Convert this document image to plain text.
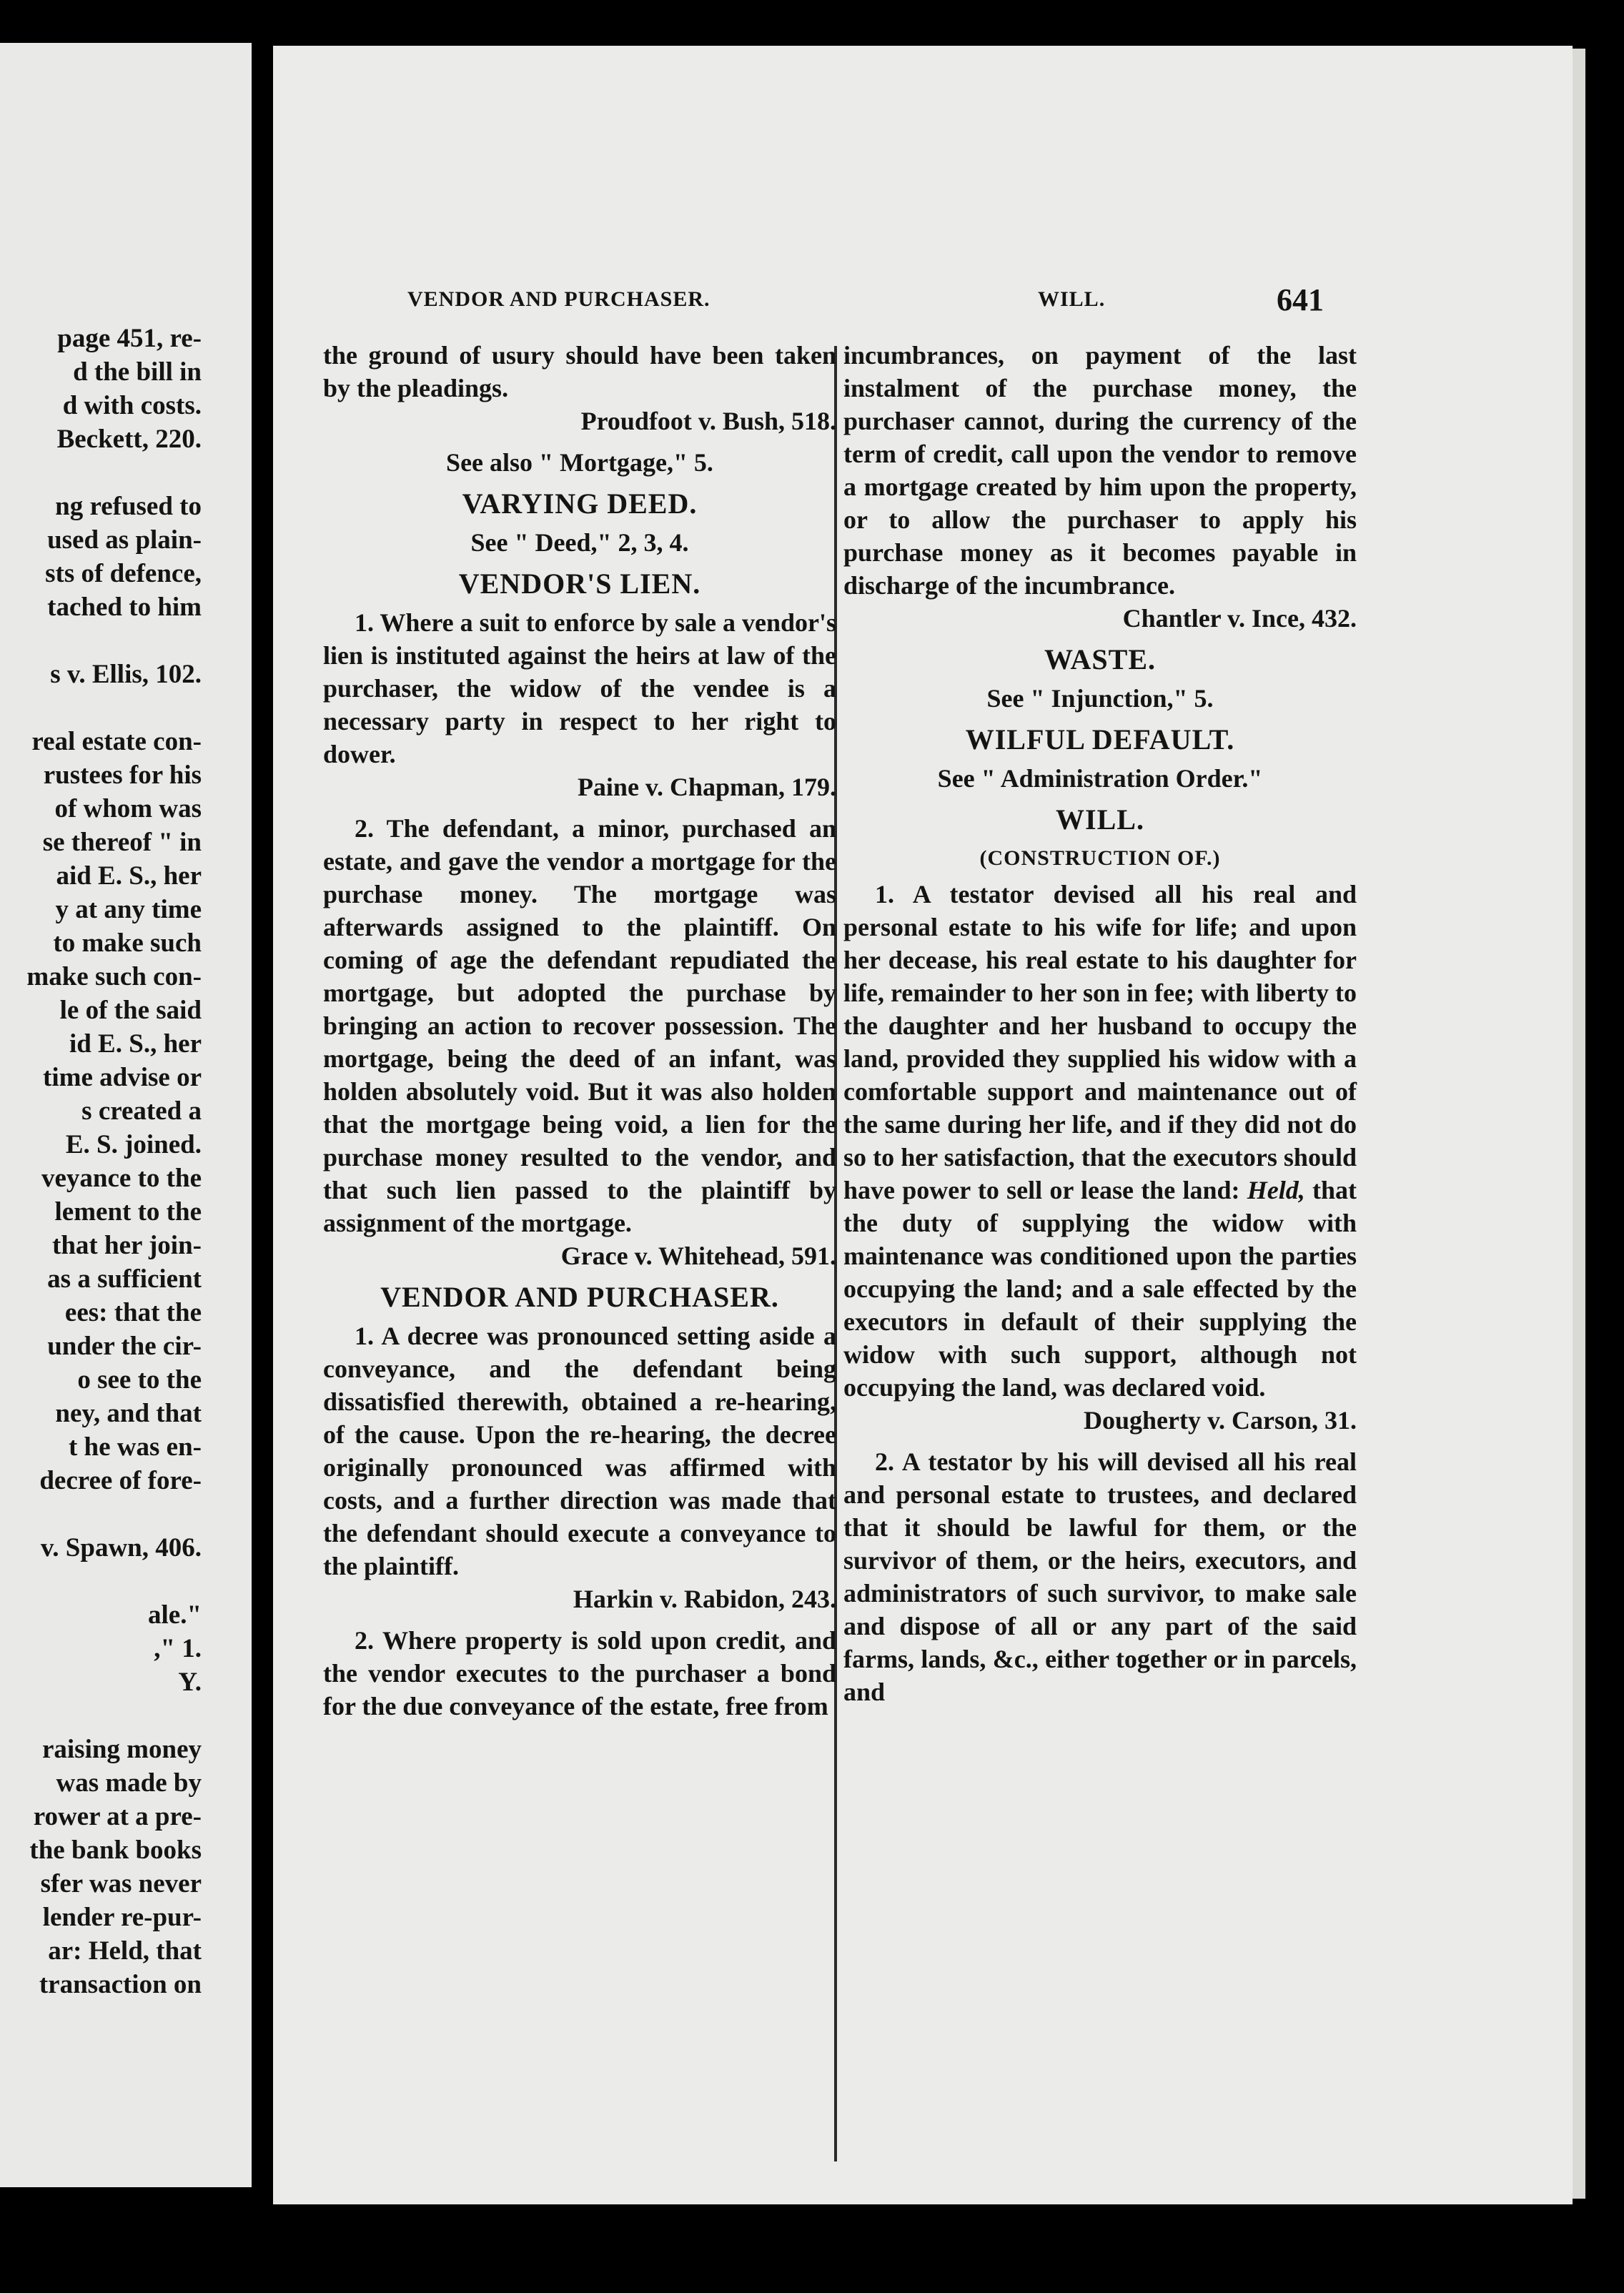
page 451, re-
d the bill in
d with costs.
Beckett, 220.

ng refused to
used as plain-
sts of defence,
tached to him

s v. Ellis, 102.

real estate con-
rustees for his
of whom was
se thereof " in
aid E. S., her
y at any time
to make such
make such con-
le of the said
id E. S., her
time advise or
s created a
E. S. joined.
veyance to the
lement to the
that her join-
as a sufficient
ees: that the
under the cir-
o see to the
ney, and that
t he was en-
decree of fore-

v. Spawn, 406.

ale."
," 1.
Y.

raising money
was made by
rower at a pre-
the bank books
sfer was never
lender re-pur-
ar: Held, that
transaction on
VENDOR AND PURCHASER.	WILL.	641

the ground of usury should have been taken by the pleadings.

Proudfoot v. Bush, 518.

See also " Mortgage," 5.

VARYING DEED.

See " Deed," 2, 3, 4.

VENDOR'S LIEN.

1. Where a suit to enforce by sale a vendor's lien is instituted against the heirs at law of the purchaser, the widow of the vendee is a necessary party in respect to her right to dower.

Paine v. Chapman, 179.

2. The defendant, a minor, purchased an estate, and gave the vendor a mortgage for the purchase money. The mortgage was afterwards assigned to the plaintiff. On coming of age the defendant repudiated the mortgage, but adopted the purchase by bringing an action to recover possession. The mortgage, being the deed of an infant, was holden absolutely void. But it was also holden that the mortgage being void, a lien for the purchase money resulted to the vendor, and that such lien passed to the plaintiff by assignment of the mortgage.

Grace v. Whitehead, 591.

VENDOR AND PURCHASER.

1. A decree was pronounced setting aside a conveyance, and the defendant being dissatisfied therewith, obtained a re-hearing, of the cause. Upon the re-hearing, the decree originally pronounced was affirmed with costs, and a further direction was made that the defendant should execute a conveyance to the plaintiff.

Harkin v. Rabidon, 243.

2. Where property is sold upon credit, and the vendor executes to the purchaser a bond for the due conveyance of the estate, free from

incumbrances, on payment of the last instalment of the purchase money, the purchaser cannot, during the currency of the term of credit, call upon the vendor to remove a mortgage created by him upon the property, or to allow the purchaser to apply his purchase money as it becomes payable in discharge of the incumbrance.

Chantler v. Ince, 432.

WASTE.

See " Injunction," 5.

WILFUL DEFAULT.

See " Administration Order."

WILL.
(CONSTRUCTION OF.)

1. A testator devised all his real and personal estate to his wife for life; and upon her decease, his real estate to his daughter for life, remainder to her son in fee; with liberty to the daughter and her husband to occupy the land, provided they supplied his widow with a comfortable support and maintenance out of the same during her life, and if they did not do so to her satisfaction, that the executors should have power to sell or lease the land: Held, that the duty of supplying the widow with maintenance was conditioned upon the parties occupying the land; and a sale effected by the executors in default of their supplying the widow with such support, although not occupying the land, was declared void.

Dougherty v. Carson, 31.

2. A testator by his will devised all his real and personal estate to trustees, and declared that it should be lawful for them, or the survivor of them, or the heirs, executors, and administrators of such survivor, to make sale and dispose of all or any part of the said farms, lands, &c., either together or in parcels, and
